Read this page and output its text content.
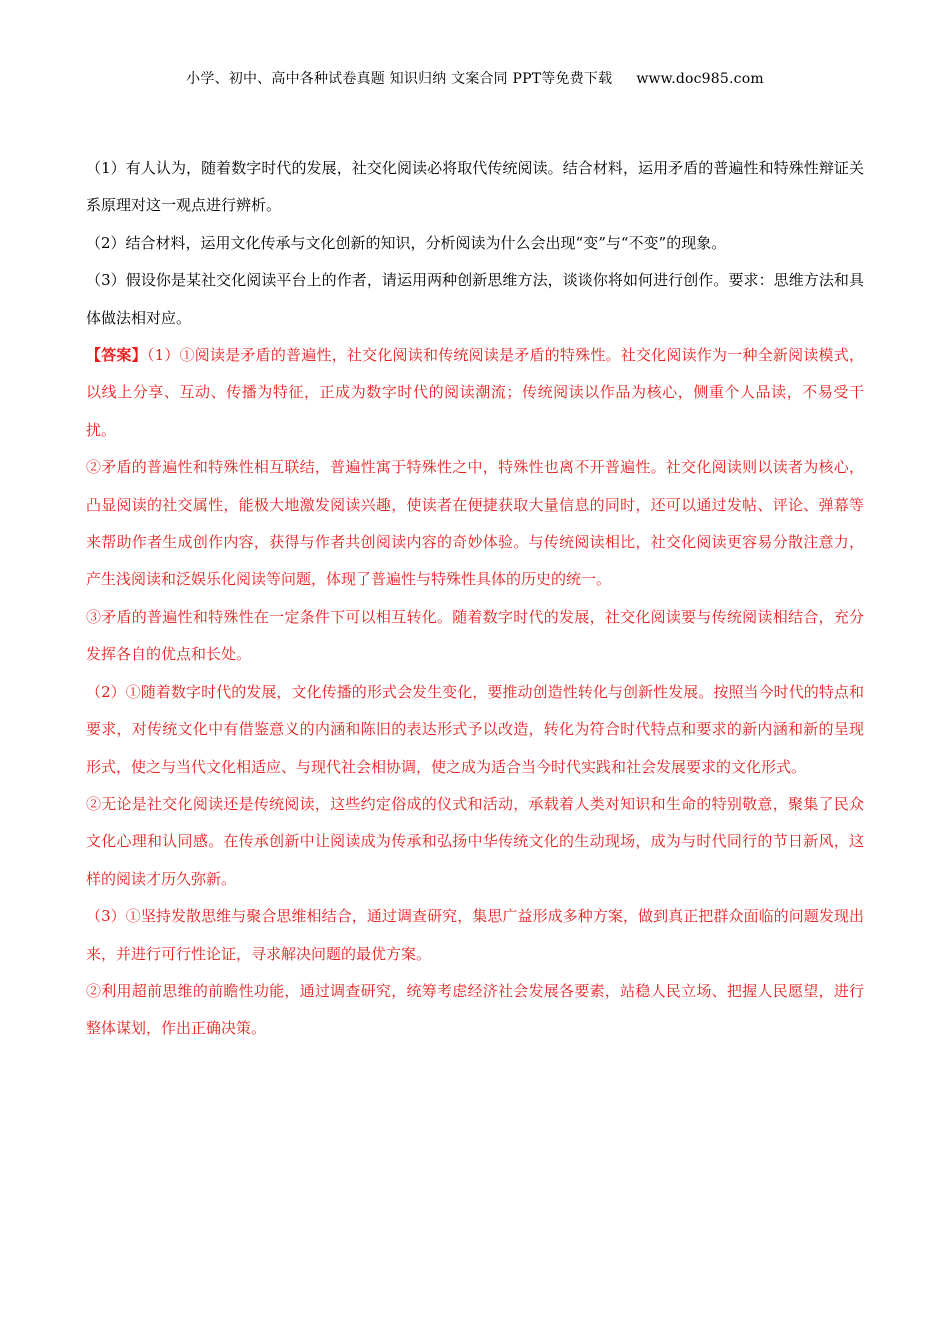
小学、初中、高中各种试卷真题 知识归纳 文案合同 PPT等免费下载 www.doc985.com

（1）有人认为，随着数字时代的发展，社交化阅读必将取代传统阅读。结合材料，运用矛盾的普遍性和特殊性辩证关系原理对这一观点进行辨析。

（2）结合材料，运用文化传承与文化创新的知识，分析阅读为什么会出现“变”与“不变”的现象。

（3）假设你是某社交化阅读平台上的作者，请运用两种创新思维方法，谈谈你将如何进行创作。要求：思维方法和具体做法相对应。

【答案】（1）①阅读是矛盾的普遍性，社交化阅读和传统阅读是矛盾的特殊性。社交化阅读作为一种全新阅读模式，以线上分享、互动、传播为特征，正成为数字时代的阅读潮流；传统阅读以作品为核心，侧重个人品读，不易受干扰。

②矛盾的普遍性和特殊性相互联结，普遍性寓于特殊性之中，特殊性也离不开普遍性。社交化阅读则以读者为核心，凸显阅读的社交属性，能极大地激发阅读兴趣，使读者在便捷获取大量信息的同时，还可以通过发帖、评论、弹幕等来帮助作者生成创作内容，获得与作者共创阅读内容的奇妙体验。与传统阅读相比，社交化阅读更容易分散注意力，产生浅阅读和泛娱乐化阅读等问题，体现了普遍性与特殊性具体的历史的统一。

③矛盾的普遍性和特殊性在一定条件下可以相互转化。随着数字时代的发展，社交化阅读要与传统阅读相结合，充分发挥各自的优点和长处。

（2）①随着数字时代的发展，文化传播的形式会发生变化，要推动创造性转化与创新性发展。按照当今时代的特点和要求，对传统文化中有借鉴意义的内涵和陈旧的表达形式予以改造，转化为符合时代特点和要求的新内涵和新的呈现形式，使之与当代文化相适应、与现代社会相协调，使之成为适合当今时代实践和社会发展要求的文化形式。

②无论是社交化阅读还是传统阅读，这些约定俗成的仪式和活动，承载着人类对知识和生命的特别敬意，聚集了民众文化心理和认同感。在传承创新中让阅读成为传承和弘扬中华传统文化的生动现场，成为与时代同行的节日新风，这样的阅读才历久弥新。

（3）①坚持发散思维与聚合思维相结合，通过调查研究，集思广益形成多种方案，做到真正把群众面临的问题发现出来，并进行可行性论证，寻求解决问题的最优方案。

②利用超前思维的前瞻性功能，通过调查研究，统筹考虑经济社会发展各要素，站稳人民立场、把握人民愿望，进行整体谋划，作出正确决策。
